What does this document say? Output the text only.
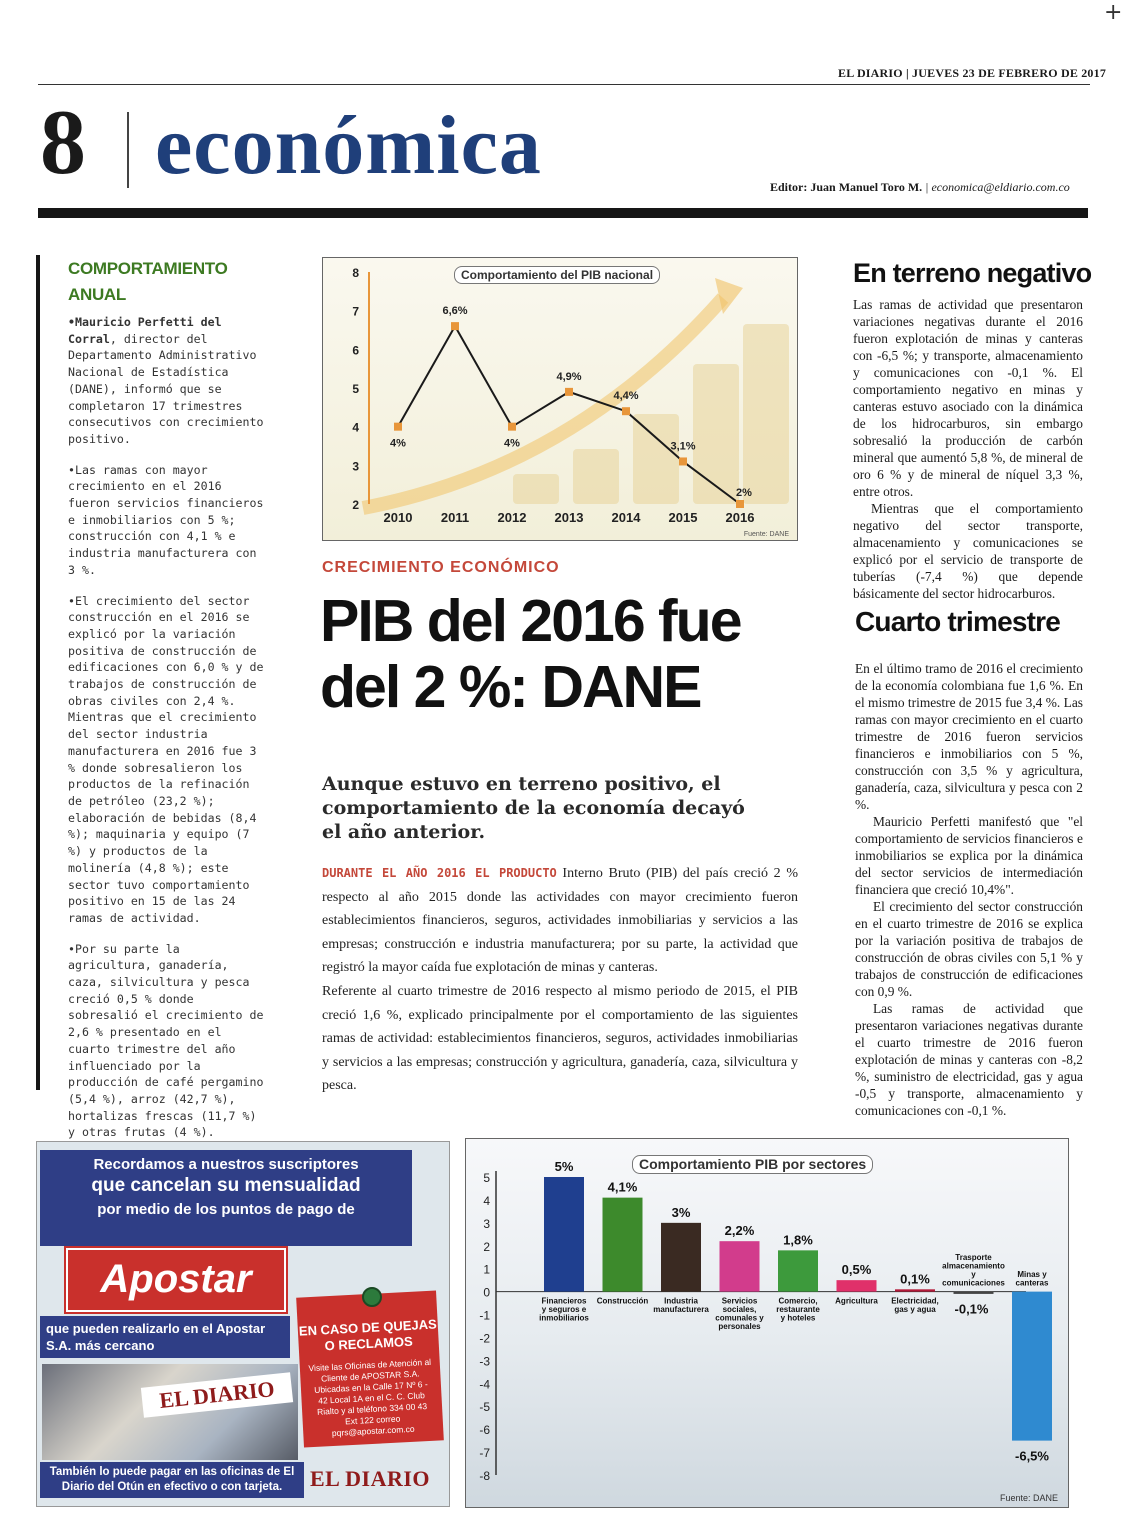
+
EL DIARIO | JUEVES 23 DE FEBRERO DE 2017
8 económica	Editor: Juan Manuel Toro M. | economica@eldiario.com.co
COMPORTAMIENTO ANUAL

•Mauricio Perfetti del Corral, director del Departamento Administrativo Nacional de Estadística (DANE), informó que se completaron 17 trimestres consecutivos con crecimiento positivo.

•Las ramas con mayor crecimiento en el 2016 fueron servicios financieros e inmobiliarios con 5 %; construcción con 4,1 % e industria manufacturera con 3 %.

•El crecimiento del sector construcción en el 2016 se explicó por la variación positiva de construcción de edificaciones con 6,0 % y de trabajos de construcción de obras civiles con 2,4 %. Mientras que el crecimiento del sector industria manufacturera en 2016 fue 3 % donde sobresalieron los productos de la refinación de petróleo (23,2 %); elaboración de bebidas (8,4 %); maquinaria y equipo (7 %) y productos de la molinería (4,8 %); este sector tuvo comportamiento positivo en 15 de las 24 ramas de actividad.

•Por su parte la agricultura, ganadería, caza, silvicultura y pesca creció 0,5 % donde sobresalió el crecimiento de 2,6 % presentado en el cuarto trimestre del año influenciado por la producción de café pergamino (5,4 %), arroz (42,7 %), hortalizas frescas (11,7 %) y otras frutas (4 %).

2
3
4
5
6
7
8
2010 2011 2012 2013 2014 2015 2016
4%
6,6%
4%
4,9%
4,4%
3,1%
2%
Fuente: DANE
Comportamiento del PIB nacional
CRECIMIENTO ECONÓMICO
PIB del 2016 fue del 2 %: DANE
Aunque estuvo en terreno positivo, el comportamiento de la economía decayó el año anterior.

DURANTE EL AÑO 2016 EL PRODUCTO Interno Bruto (PIB) del país creció 2 % respecto al año 2015 donde las actividades con mayor crecimiento fueron establecimientos financieros, seguros, actividades inmobiliarias y servicios a las empresas; construcción e industria manufacturera; por su parte, la actividad que registró la mayor caída fue explotación de minas y canteras.

Referente al cuarto trimestre de 2016 respecto al mismo periodo de 2015, el PIB creció 1,6 %, explicado principalmente por el comportamiento de las siguientes ramas de actividad: establecimientos financieros, seguros, actividades inmobiliarias y servicios a las empresas; construcción y agricultura, ganadería, caza, silvicultura y pesca.

En terreno negativo

Las ramas de actividad que presentaron variaciones negativas durante el 2016 fueron explotación de minas y canteras con -6,5 %; y transporte, almacenamiento y comunicaciones con -0,1 %. El comportamiento negativo en minas y canteras estuvo asociado con la dinámica de los hidrocarburos, sin embargo sobresalió la producción de carbón mineral que aumentó 5,8 %, de mineral de oro 6 % y de mineral de níquel 3,3 %, entre otros.

Mientras que el comportamiento negativo del sector transporte, almacenamiento y comunicaciones se explicó por el servicio de transporte de tuberías (-7,4 %) que depende básicamente del sector hidrocarburos.

Cuarto trimestre

En el último tramo de 2016 el crecimiento de la economía colombiana fue 1,6 %. En el mismo trimestre de 2015 fue 3,4 %. Las ramas con mayor crecimiento en el cuarto trimestre de 2016 fueron servicios financieros e inmobiliarios con 5 %, construcción con 3,5 % y agricultura, ganadería, caza, silvicultura y pesca con 2 %.

Mauricio Perfetti manifestó que "el comportamiento de servicios financieros e inmobiliarios se explica por la dinámica del sector servicios de intermediación financiera que creció 10,4%".

El crecimiento del sector construcción en el cuarto trimestre de 2016 se explica por la variación positiva de trabajos de construcción de obras civiles con 5,1 % y trabajos de construcción de edificaciones con 0,9 %.

Las ramas de actividad que presentaron variaciones negativas durante el cuarto trimestre de 2016 fueron explotación de minas y canteras con -8,2 %, suministro de electricidad, gas y agua -0,5 y transporte, almacenamiento y comunicaciones con -0,1 %.

Recordamos a nuestros suscriptores
que cancelan su mensualidad
por medio de los puntos de pago de
Apostar
que pueden realizarlo en el Apostar S.A. más cercano
EL DIARIO
EN CASO DE QUEJAS O RECLAMOS
Visite las Oficinas de Atención al Cliente de APOSTAR S.A. Ubicadas en la Calle 17 Nº 6 - 42 Local 1A en el C. C. Club Rialto y al teléfono 334 00 43 Ext 122 correo pqrs@apostar.com.co
También lo puede pagar en las oficinas de El Diario del Otún en efectivo o con tarjeta.	EL DIARIO
5
4
3
2
1
0
-1
-2
-3
-4
-5
-6
-7
-8
5%
4,1%
3%
2,2%
1,8%
0,5%
0,1%
-0,1%
-6,5%
Financieros y seguros e inmobiliarios
Construcción	Industria manufacturera
Servicios sociales, comunales y personales
Comercio, restaurante y hoteles
Agricultura Electricidad, gas y agua
Trasporte almacenamiento y comunicaciones
Minas y canteras
Fuente: DANE
Comportamiento PIB por sectores
